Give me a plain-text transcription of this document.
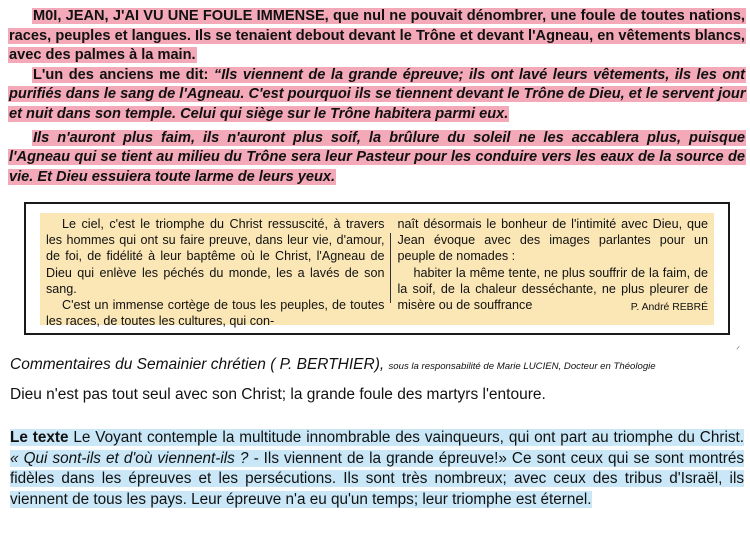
M0I, JEAN, J'AI VU UNE FOULE IMMENSE, que nul ne pouvait dénombrer, une foule de toutes nations, races, peuples et langues. Ils se tenaient debout devant le Trône et devant l'Agneau, en vêtements blancs, avec des palmes à la main.

L'un des anciens me dit: “Ils viennent de la grande épreuve; ils ont lavé leurs vêtements, ils les ont purifiés dans le sang de l'Agneau. C'est pourquoi ils se tiennent devant le Trône de Dieu, et le servent jour et nuit dans son temple. Celui qui siège sur le Trône habitera parmi eux.

Ils n'auront plus faim, ils n'auront plus soif, la brûlure du soleil ne les accablera plus, puisque l'Agneau qui se tient au milieu du Trône sera leur Pasteur pour les conduire vers les eaux de la source de vie. Et Dieu essuiera toute larme de leurs yeux.

Le ciel, c'est le triomphe du Christ ressuscité, à travers les hommes qui ont su faire preuve, dans leur vie, d'amour, de foi, de fidélité à leur baptême où le Christ, l'Agneau de Dieu qui enlève les péchés du monde, les a lavés de son sang.

C'est un immense cortège de tous les peuples, de toutes les races, de toutes les cultures, qui con-

naît désormais le bonheur de l'intimité avec Dieu, que Jean évoque avec des images parlantes pour un peuple de nomades :

habiter la même tente, ne plus souffrir de la faim, de la soif, de la chaleur desséchante, ne plus pleurer de misère ou de souffrance	P. André REBRÉ

ᐟ
Commentaires du Semainier chrétien ( P. BERTHIER), sous la responsabilité de Marie LUCIEN, Docteur en Théologie
Dieu n'est pas tout seul avec son Christ; la grande foule des martyrs l'entoure.
Le texte Le Voyant contemple la multitude innombrable des vainqueurs, qui ont part au triomphe du Christ. « Qui sont-ils et d'où viennent-ils ? - Ils viennent de la grande épreuve!» Ce sont ceux qui se sont montrés fidèles dans les épreuves et les persécutions. Ils sont très nombreux; avec ceux des tribus d'Israël, ils viennent de tous les pays. Leur épreuve n'a eu qu'un temps; leur triomphe est éternel.
